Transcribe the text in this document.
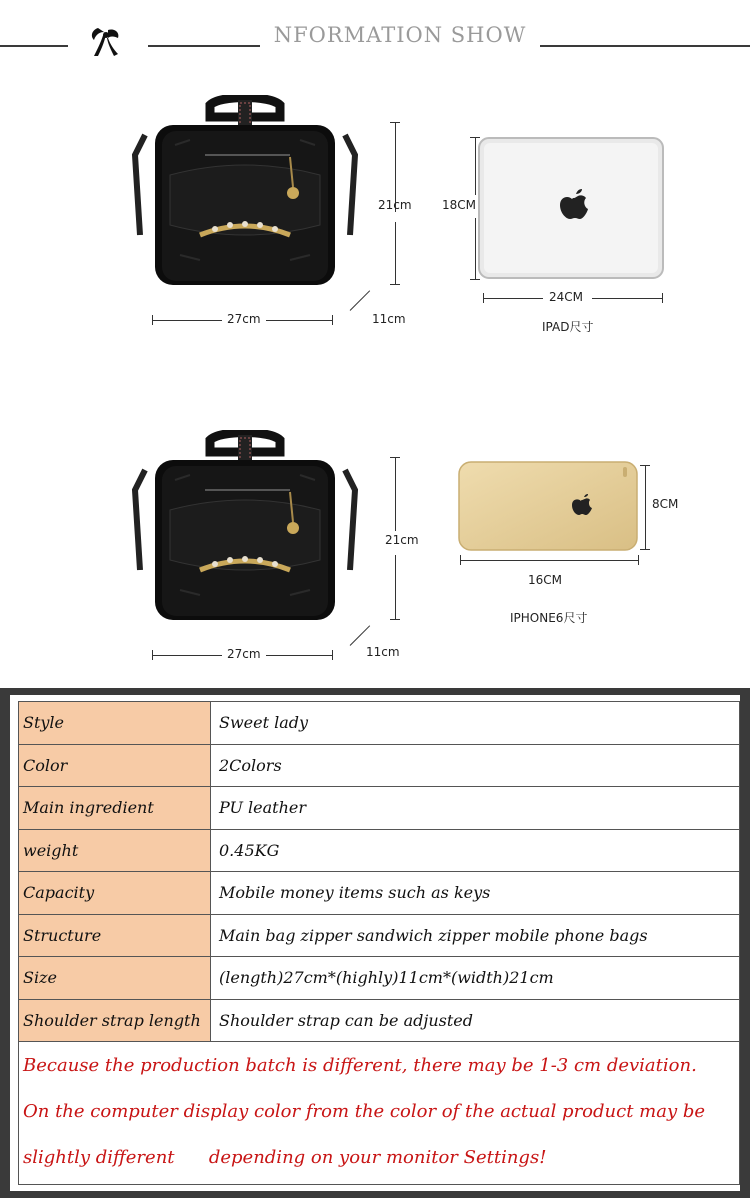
NFORMATION SHOW
21cm
27cm	11cm
18CM
24CM
IPAD尺寸
21cm
27cm	11cm
8CM
16CM
IPHONE6尺寸
Style	Sweet lady
Color	2Colors
Main ingredient	PU leather
weight	0.45KG
Capacity	Mobile money items such as keys
Structure	Main bag zipper sandwich zipper mobile phone bags
Size	(length)27cm*(highly)11cm*(width)21cm
Shoulder strap length	Shoulder strap can be adjusted
Because the production batch is different, there may be 1-3 cm deviation.
On the computer display color from the color of the actual product may be
slightly different      depending on your monitor Settings!
